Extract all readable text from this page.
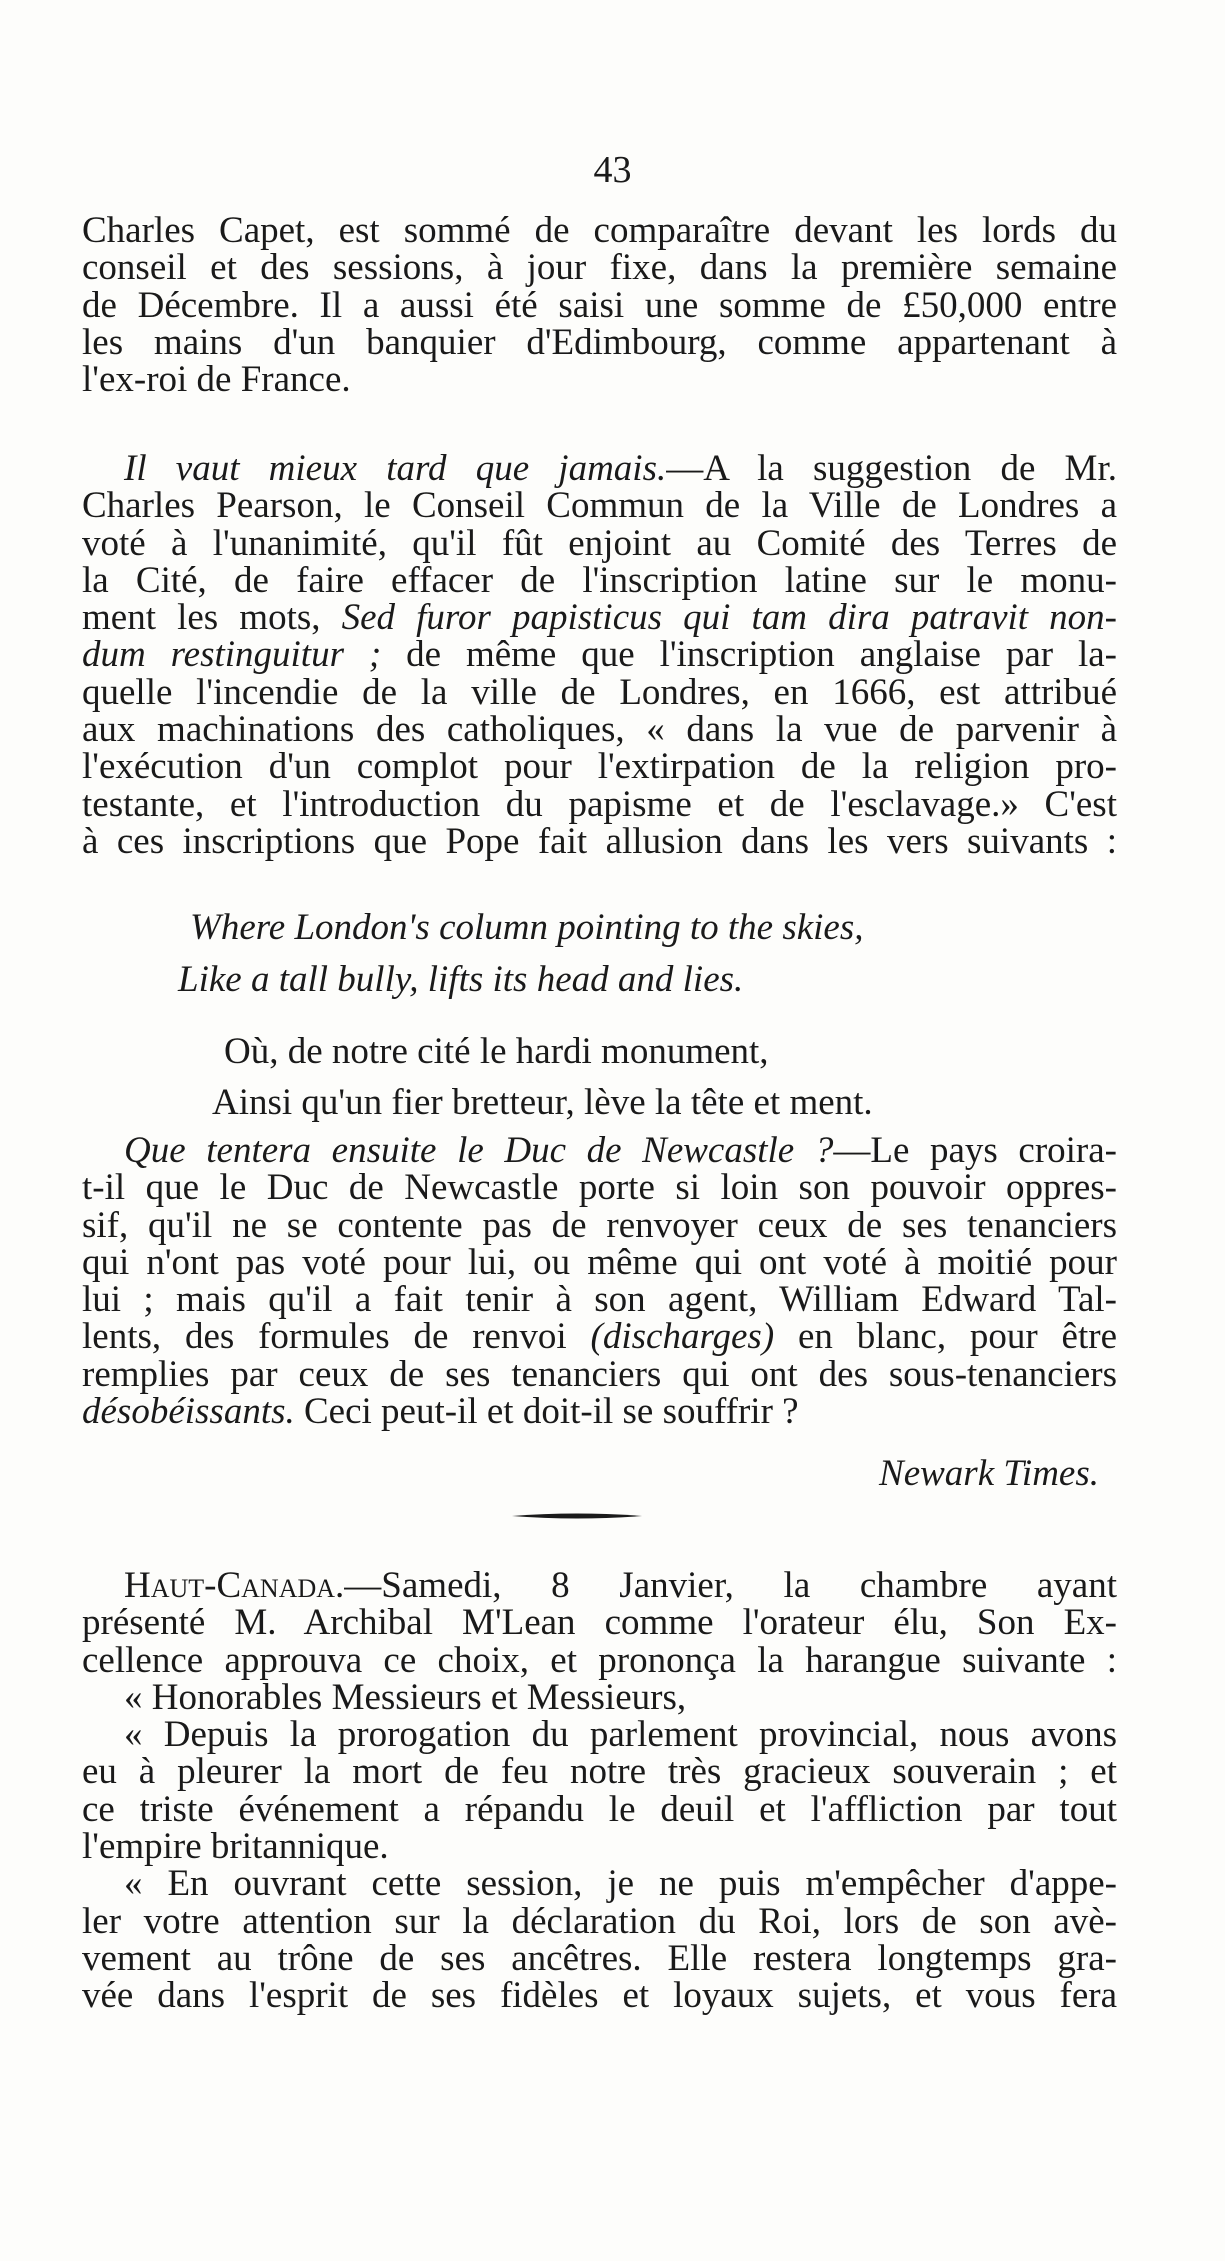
43
Charles Capet, est sommé de comparaître devant les lords du
conseil et des sessions, à jour fixe, dans la première semaine
de Décembre. Il a aussi été saisi une somme de £50,000 entre
les mains d'un banquier d'Edimbourg, comme appartenant à
l'ex-roi de France.
Il vaut mieux tard que jamais.—A la suggestion de Mr.
Charles Pearson, le Conseil Commun de la Ville de Londres a
voté à l'unanimité, qu'il fût enjoint au Comité des Terres de
la Cité, de faire effacer de l'inscription latine sur le monu-
ment les mots, Sed furor papisticus qui tam dira patravit non-
dum restinguitur ; de même que l'inscription anglaise par la-
quelle l'incendie de la ville de Londres, en 1666, est attribué
aux machinations des catholiques, « dans la vue de parvenir à
l'exécution d'un complot pour l'extirpation de la religion pro-
testante, et l'introduction du papisme et de l'esclavage.» C'est
à ces inscriptions que Pope fait allusion dans les vers suivants :
Where London's column pointing to the skies,
Like a tall bully, lifts its head and lies.
Où, de notre cité le hardi monument,
Ainsi qu'un fier bretteur, lève la tête et ment.
Que tentera ensuite le Duc de Newcastle ?—Le pays croira-
t-il que le Duc de Newcastle porte si loin son pouvoir oppres-
sif, qu'il ne se contente pas de renvoyer ceux de ses tenanciers
qui n'ont pas voté pour lui, ou même qui ont voté à moitié pour
lui ; mais qu'il a fait tenir à son agent, William Edward Tal-
lents, des formules de renvoi (discharges) en blanc, pour être
remplies par ceux de ses tenanciers qui ont des sous-tenanciers
désobéissants. Ceci peut-il et doit-il se souffrir ?
Newark Times.
Haut-Canada.—Samedi, 8 Janvier, la chambre ayant
présenté M. Archibal M'Lean comme l'orateur élu, Son Ex-
cellence approuva ce choix, et prononça la harangue suivante :
« Honorables Messieurs et Messieurs,
« Depuis la prorogation du parlement provincial, nous avons
eu à pleurer la mort de feu notre très gracieux souverain ; et
ce triste événement a répandu le deuil et l'affliction par tout
l'empire britannique.
« En ouvrant cette session, je ne puis m'empêcher d'appe-
ler votre attention sur la déclaration du Roi, lors de son avè-
vement au trône de ses ancêtres. Elle restera longtemps gra-
vée dans l'esprit de ses fidèles et loyaux sujets, et vous fera
